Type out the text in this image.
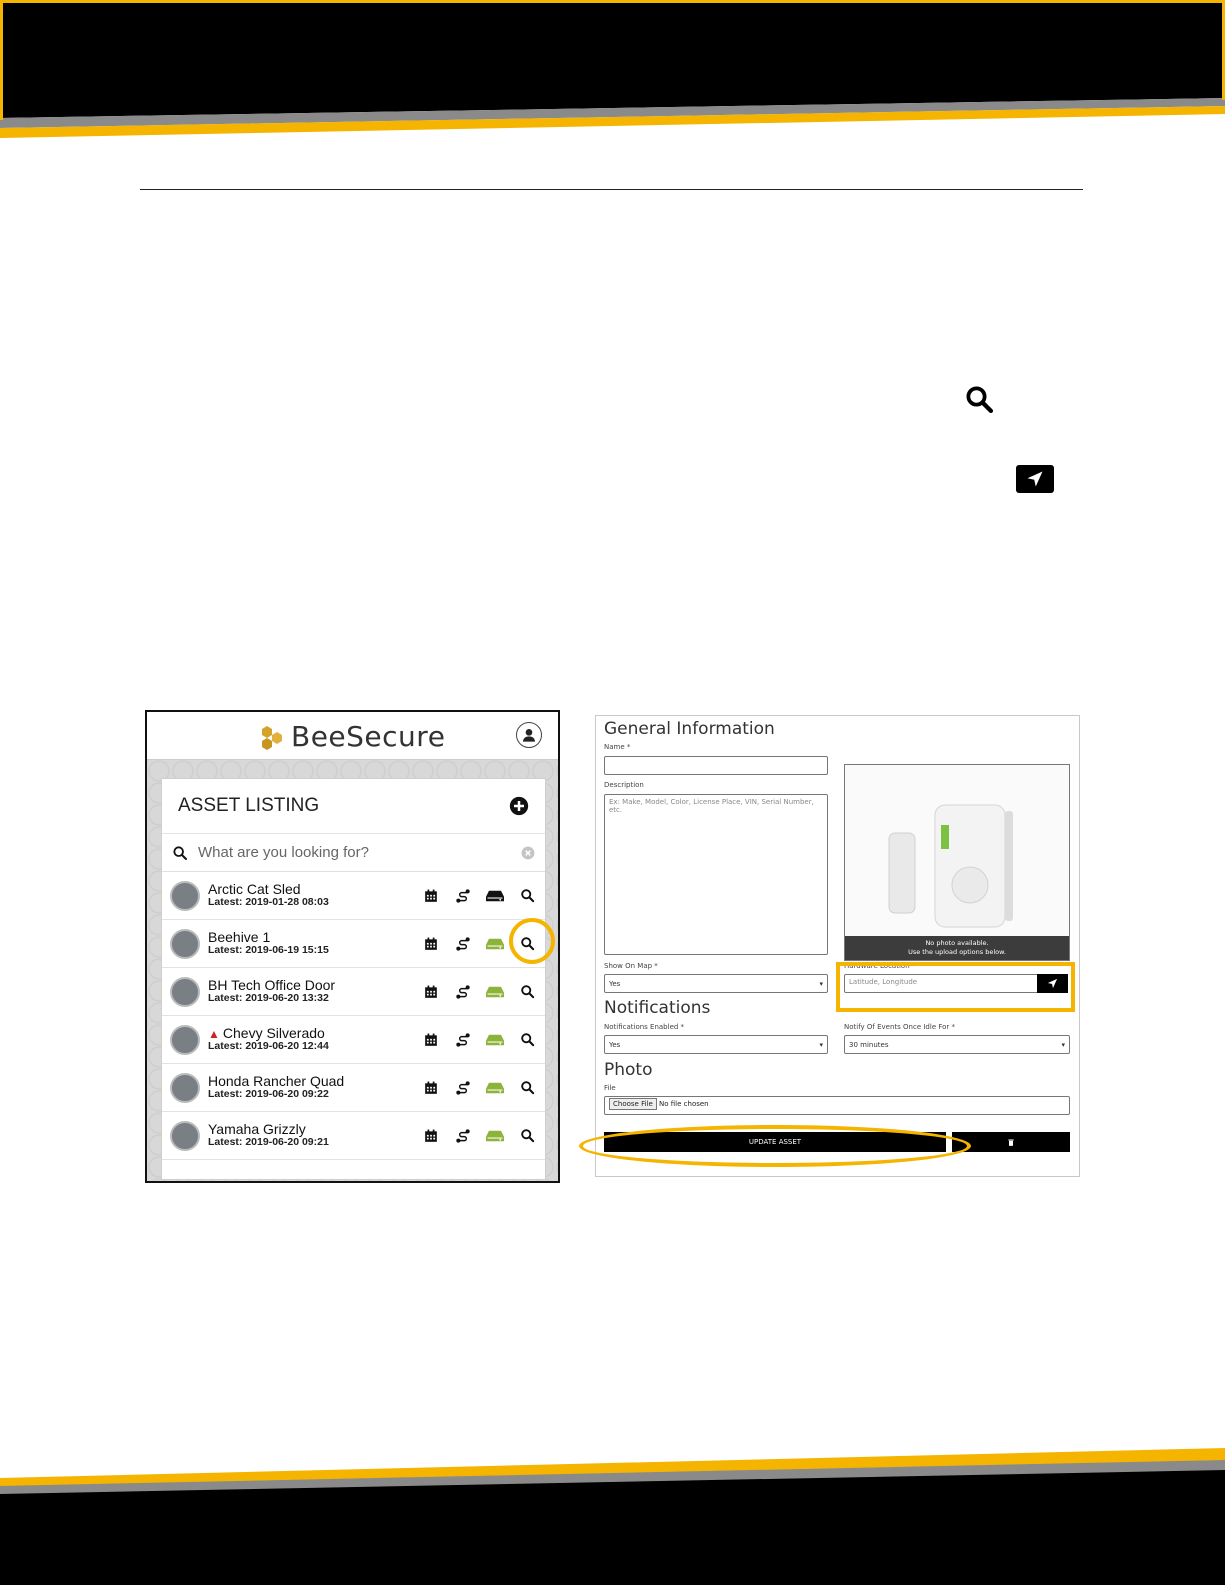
BeeSecure
ASSET LISTING
What are you looking for?
Arctic Cat Sled
Latest: 2019-01-28 08:03
Beehive 1
Latest: 2019-06-19 15:15
BH Tech Office Door
Latest: 2019-06-20 13:32
▲ Chevy Silverado
Latest: 2019-06-20 12:44
Honda Rancher Quad
Latest: 2019-06-20 09:22
Yamaha Grizzly
Latest: 2019-06-20 09:21
General Information
Name *
Description
Ex: Make, Model, Color, License Place, VIN, Serial Number, etc.
No photo available.
Use the upload options below.
Show On Map *
Yes	▾
Hardware Location *
Latitude, Longitude
Notifications
Notifications Enabled *
Yes	▾
Notify Of Events Once Idle For *
30 minutes	▾
Photo
File
Choose File No file chosen
UPDATE ASSET
